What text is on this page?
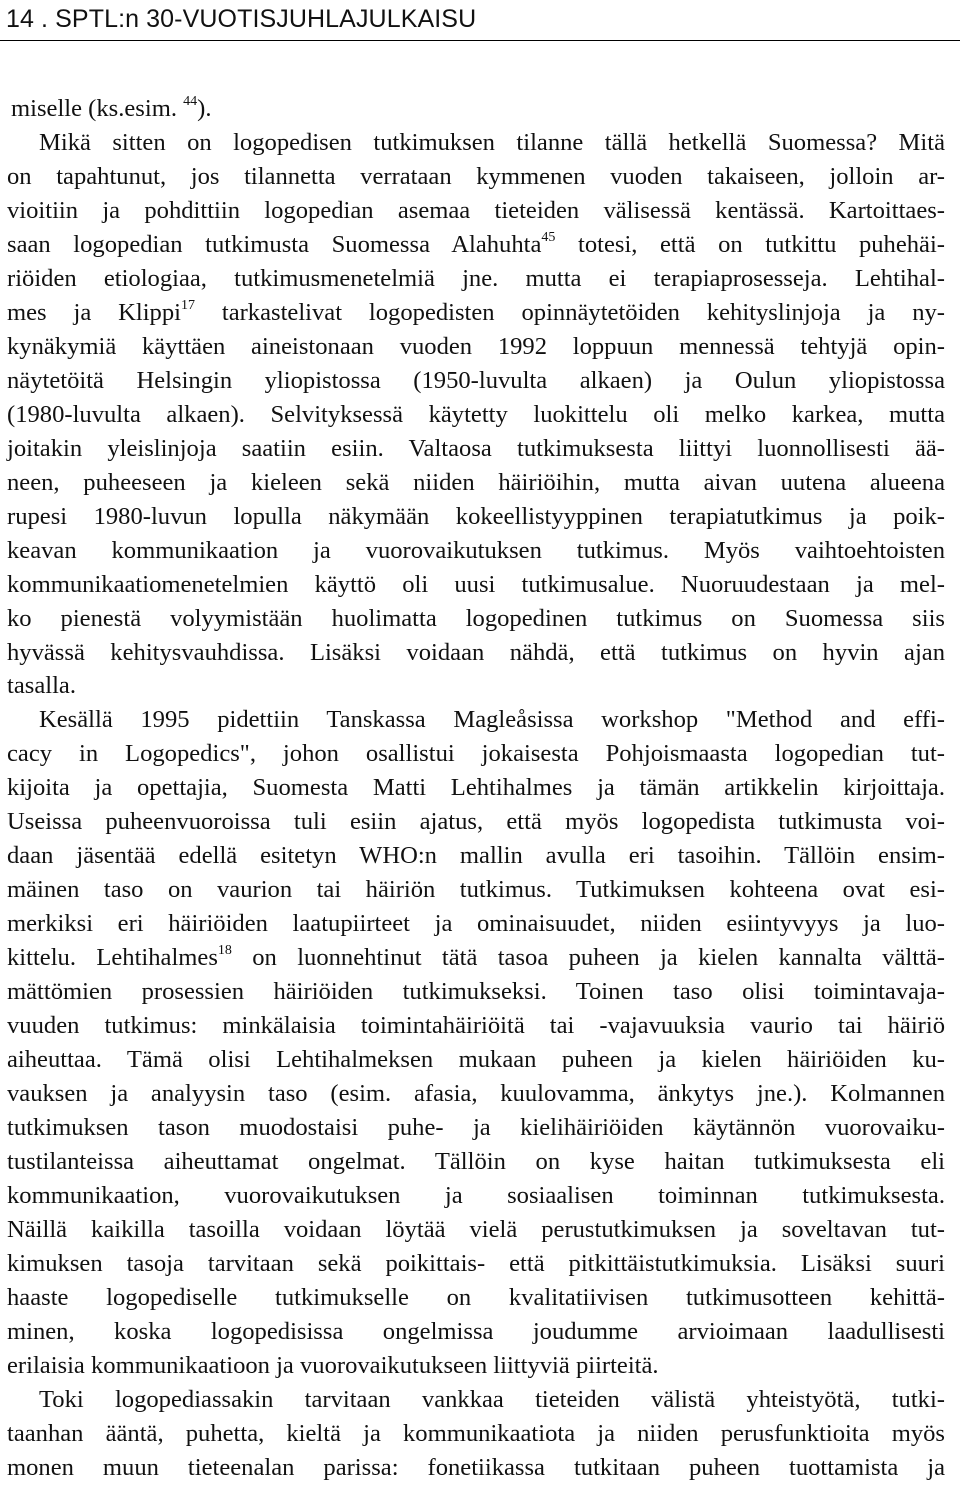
14 . SPTL:n 30-VUOTISJUHLAJULKAISU
miselle (ks.esim. $^{44}$).
Mikä sitten on logopedisen tutkimuksen tilanne tällä hetkellä Suomessa? Mitä
on tapahtunut, jos tilannetta verrataan kymmenen vuoden takaiseen, jolloin ar-
vioitiin ja pohdittiin logopedian asemaa tieteiden välisessä kentässä. Kartoittaes-
saan logopedian tutkimusta Suomessa Alahuhta$^{45}$ totesi, että on tutkittu puhehäi-
riöiden etiologiaa, tutkimusmenetelmiä jne. mutta ei terapiaprosesseja. Lehtihal-
mes ja Klippi$^{17}$ tarkastelivat logopedisten opinnäytetöiden kehityslinjoja ja ny-
kynäkymiä käyttäen aineistonaan vuoden 1992 loppuun mennessä tehtyjä opin-
näytetöitä Helsingin yliopistossa (1950-luvulta alkaen) ja Oulun yliopistossa
(1980-luvulta alkaen). Selvityksessä käytetty luokittelu oli melko karkea, mutta
joitakin yleislinjoja saatiin esiin. Valtaosa tutkimuksesta liittyi luonnollisesti ää-
neen, puheeseen ja kieleen sekä niiden häiriöihin, mutta aivan uutena alueena
rupesi 1980-luvun lopulla näkymään kokeellistyyppinen terapiatutkimus ja poik-
keavan kommunikaation ja vuorovaikutuksen tutkimus. Myös vaihtoehtoisten
kommunikaatiomenetelmien käyttö oli uusi tutkimusalue. Nuoruudestaan ja mel-
ko pienestä volyymistään huolimatta logopedinen tutkimus on Suomessa siis
hyvässä kehitysvauhdissa. Lisäksi voidaan nähdä, että tutkimus on hyvin ajan
tasalla.
Kesällä 1995 pidettiin Tanskassa Magleåsissa workshop "Method and effi-
cacy in Logopedics", johon osallistui jokaisesta Pohjoismaasta logopedian tut-
kijoita ja opettajia, Suomesta Matti Lehtihalmes ja tämän artikkelin kirjoittaja.
Useissa puheenvuoroissa tuli esiin ajatus, että myös logopedista tutkimusta voi-
daan jäsentää edellä esitetyn WHO:n mallin avulla eri tasoihin. Tällöin ensim-
mäinen taso on vaurion tai häiriön tutkimus. Tutkimuksen kohteena ovat esi-
merkiksi eri häiriöiden laatupiirteet ja ominaisuudet, niiden esiintyvyys ja luo-
kittelu. Lehtihalmes$^{18}$ on luonnehtinut tätä tasoa puheen ja kielen kannalta välttä-
mättömien prosessien häiriöiden tutkimukseksi. Toinen taso olisi toimintavaja-
vuuden tutkimus: minkälaisia toimintahäiriöitä tai -vajavuuksia vaurio tai häiriö
aiheuttaa. Tämä olisi Lehtihalmeksen mukaan puheen ja kielen häiriöiden ku-
vauksen ja analyysin taso (esim. afasia, kuulovamma, änkytys jne.). Kolmannen
tutkimuksen tason muodostaisi puhe- ja kielihäiriöiden käytännön vuorovaiku-
tustilanteissa aiheuttamat ongelmat. Tällöin on kyse haitan tutkimuksesta eli
kommunikaation, vuorovaikutuksen ja sosiaalisen toiminnan tutkimuksesta.
Näillä kaikilla tasoilla voidaan löytää vielä perustutkimuksen ja soveltavan tut-
kimuksen tasoja tarvitaan sekä poikittais- että pitkittäistutkimuksia. Lisäksi suuri
haaste logopediselle tutkimukselle on kvalitatiivisen tutkimusotteen kehittä-
minen, koska logopedisissa ongelmissa joudumme arvioimaan laadullisesti
erilaisia kommunikaatioon ja vuorovaikutukseen liittyviä piirteitä.
Toki logopediassakin tarvitaan vankkaa tieteiden välistä yhteistyötä, tutki-
taanhan ääntä, puhetta, kieltä ja kommunikaatiota ja niiden perusfunktioita myös
monen muun tieteenalan parissa: fonetiikassa tutkitaan puheen tuottamista ja
